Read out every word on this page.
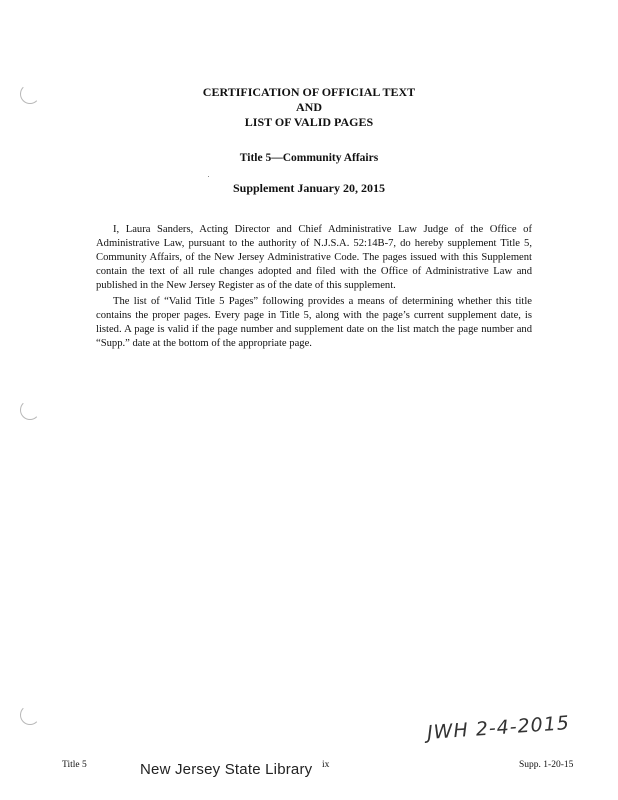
CERTIFICATION OF OFFICIAL TEXT
AND
LIST OF VALID PAGES
Title 5—Community Affairs
Supplement January 20, 2015

I, Laura Sanders, Acting Director and Chief Administrative Law Judge of the Office of Administrative Law, pursuant to the authority of N.J.S.A. 52:14B-7, do hereby supplement Title 5, Community Affairs, of the New Jersey Administrative Code. The pages issued with this Supplement contain the text of all rule changes adopted and filed with the Office of Administrative Law and published in the New Jersey Register as of the date of this supplement.

The list of “Valid Title 5 Pages” following provides a means of determining whether this title contains the proper pages. Every page in Title 5, along with the page’s current supplement date, is listed. A page is valid if the page number and supplement date on the list match the page number and “Supp.” date at the bottom of the appropriate page.

JWH 2-4-2015
Title 5	New Jersey State Library ix	Supp. 1-20-15
